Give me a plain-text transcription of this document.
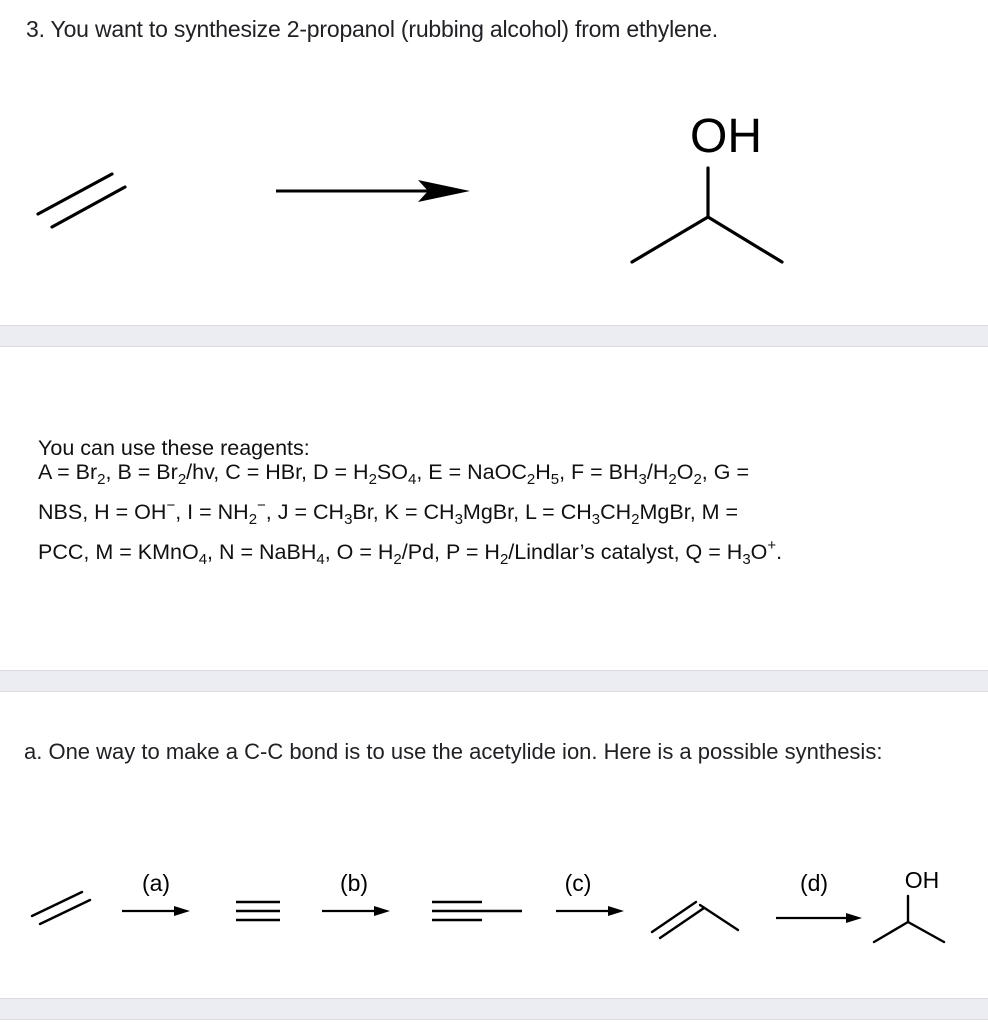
3. You want to synthesize 2-propanol (rubbing alcohol) from ethylene.
OH
You can use these reagents:
$A = Br_2$, $B = Br_2/hv$, C = HBr, $D = H_2SO_4$, $E = NaOC_2H_5$, $F = BH_3/H_2O_2$, G =
NBS, H = OH−, $I = NH_2^-$, $J = CH_3Br$, $K = CH_3MgBr$, $L = CH_3CH_2MgBr$, M =
PCC, M = KMnO$_4$, N = NaBH$_4$, $O = H_2/Pd$, $P = H_2/Lindlar’s$ catalyst, $Q = H_3O^+$.
a. One way to make a C-C bond is to use the acetylide ion. Here is a possible synthesis:
(a)	(b)	(c)	(d)	OH
